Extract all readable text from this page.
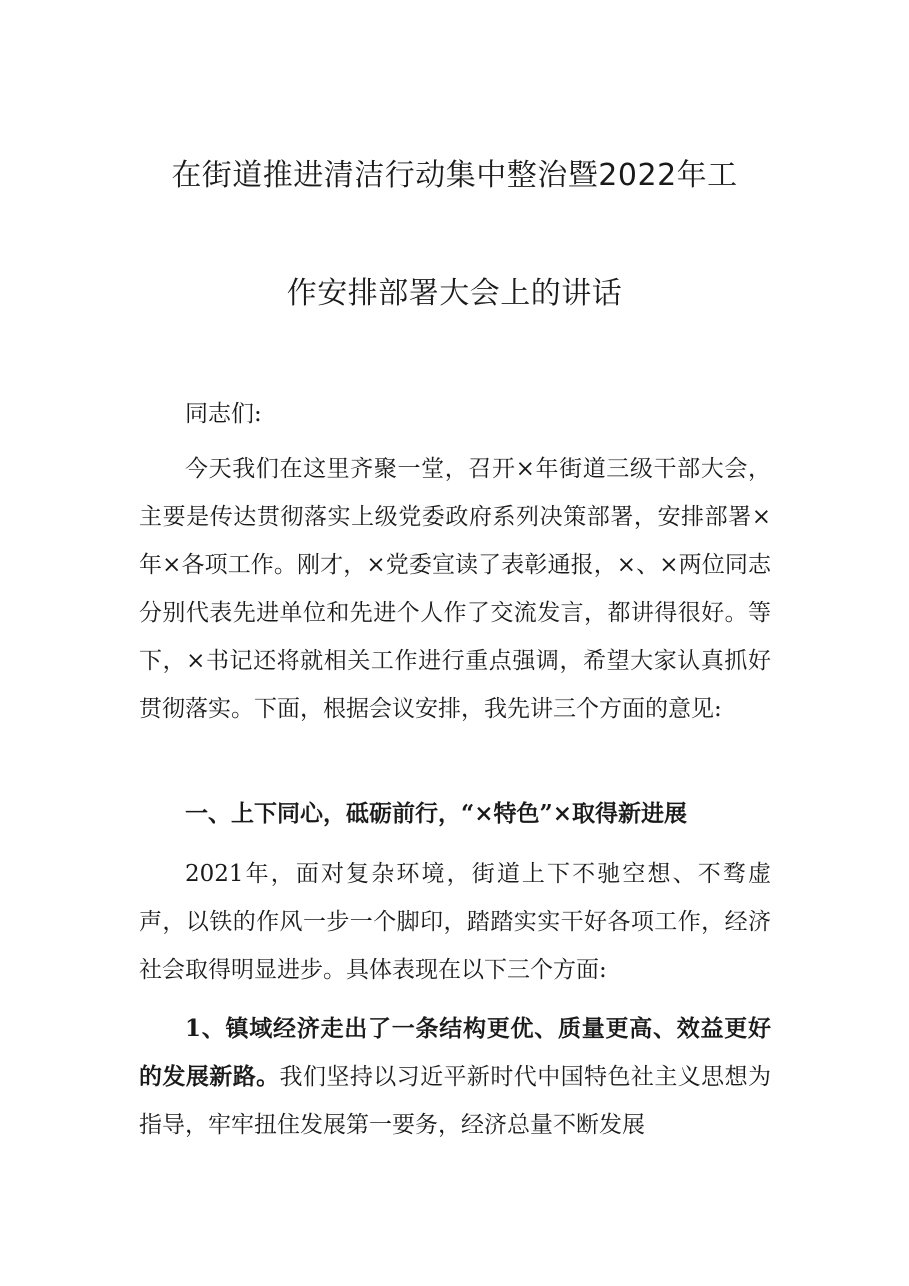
在街道推进清洁行动集中整治暨2022年工
作安排部署大会上的讲话

同志们:

今天我们在这里齐聚一堂，召开×年街道三级干部大会，主要是传达贯彻落实上级党委政府系列决策部署，安排部署×年×各项工作。刚才，×党委宣读了表彰通报，×、×两位同志分别代表先进单位和先进个人作了交流发言，都讲得很好。等下，×书记还将就相关工作进行重点强调，希望大家认真抓好贯彻落实。下面，根据会议安排，我先讲三个方面的意见:

一、上下同心，砥砺前行，“×特色”×取得新进展

2021年，面对复杂环境，街道上下不驰空想、不骛虚声，以铁的作风一步一个脚印，踏踏实实干好各项工作，经济社会取得明显进步。具体表现在以下三个方面:

1、镇域经济走出了一条结构更优、质量更高、效益更好的发展新路。我们坚持以习近平新时代中国特色社主义思想为指导，牢牢扭住发展第一要务，经济总量不断发展
